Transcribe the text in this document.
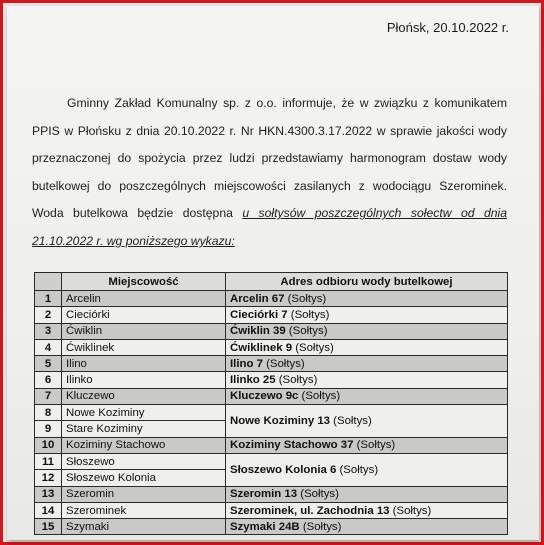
Płońsk, 20.10.2022 r.

Gminny Zakład Komunalny sp. z o.o. informuje, że w związku z komunikatem PPIS w Płońsku z dnia 20.10.2022 r. Nr HKN.4300.3.17.2022 w sprawie jakości wody przeznaczonej do spożycia przez ludzi przedstawiamy harmonogram dostaw wody butelkowej do poszczególnych miejscowości zasilanych z wodociągu Szerominek. Woda butelkowa będzie dostępna u sołtysów poszczególnych sołectw od dnia 21.10.2022 r. wg poniższego wykazu:

	Miejscowość	Adres odbioru wody butelkowej
1	Arcelin	Arcelin 67 (Sołtys)
2	Cieciórki	Cieciórki 7 (Sołtys)
3	Ćwiklin	Ćwiklin 39 (Sołtys)
4	Ćwiklinek	Ćwiklinek 9 (Sołtys)
5	Ilino	Ilino 7 (Sołtys)
6	Ilinko	Ilinko 25 (Sołtys)
7	Kluczewo	Kluczewo 9c (Sołtys)
8	Nowe Koziminy	Nowe Koziminy 13 (Sołtys)
9	Stare Koziminy	
10	Koziminy Stachowo	Koziminy Stachowo 37 (Sołtys)
11	Słoszewo	Słoszewo Kolonia 6 (Sołtys)
12	Słoszewo Kolonia	
13	Szeromin	Szeromin 13 (Sołtys)
14	Szerominek	Szerominek, ul. Zachodnia 13 (Sołtys)
15	Szymaki	Szymaki 24B (Sołtys)
